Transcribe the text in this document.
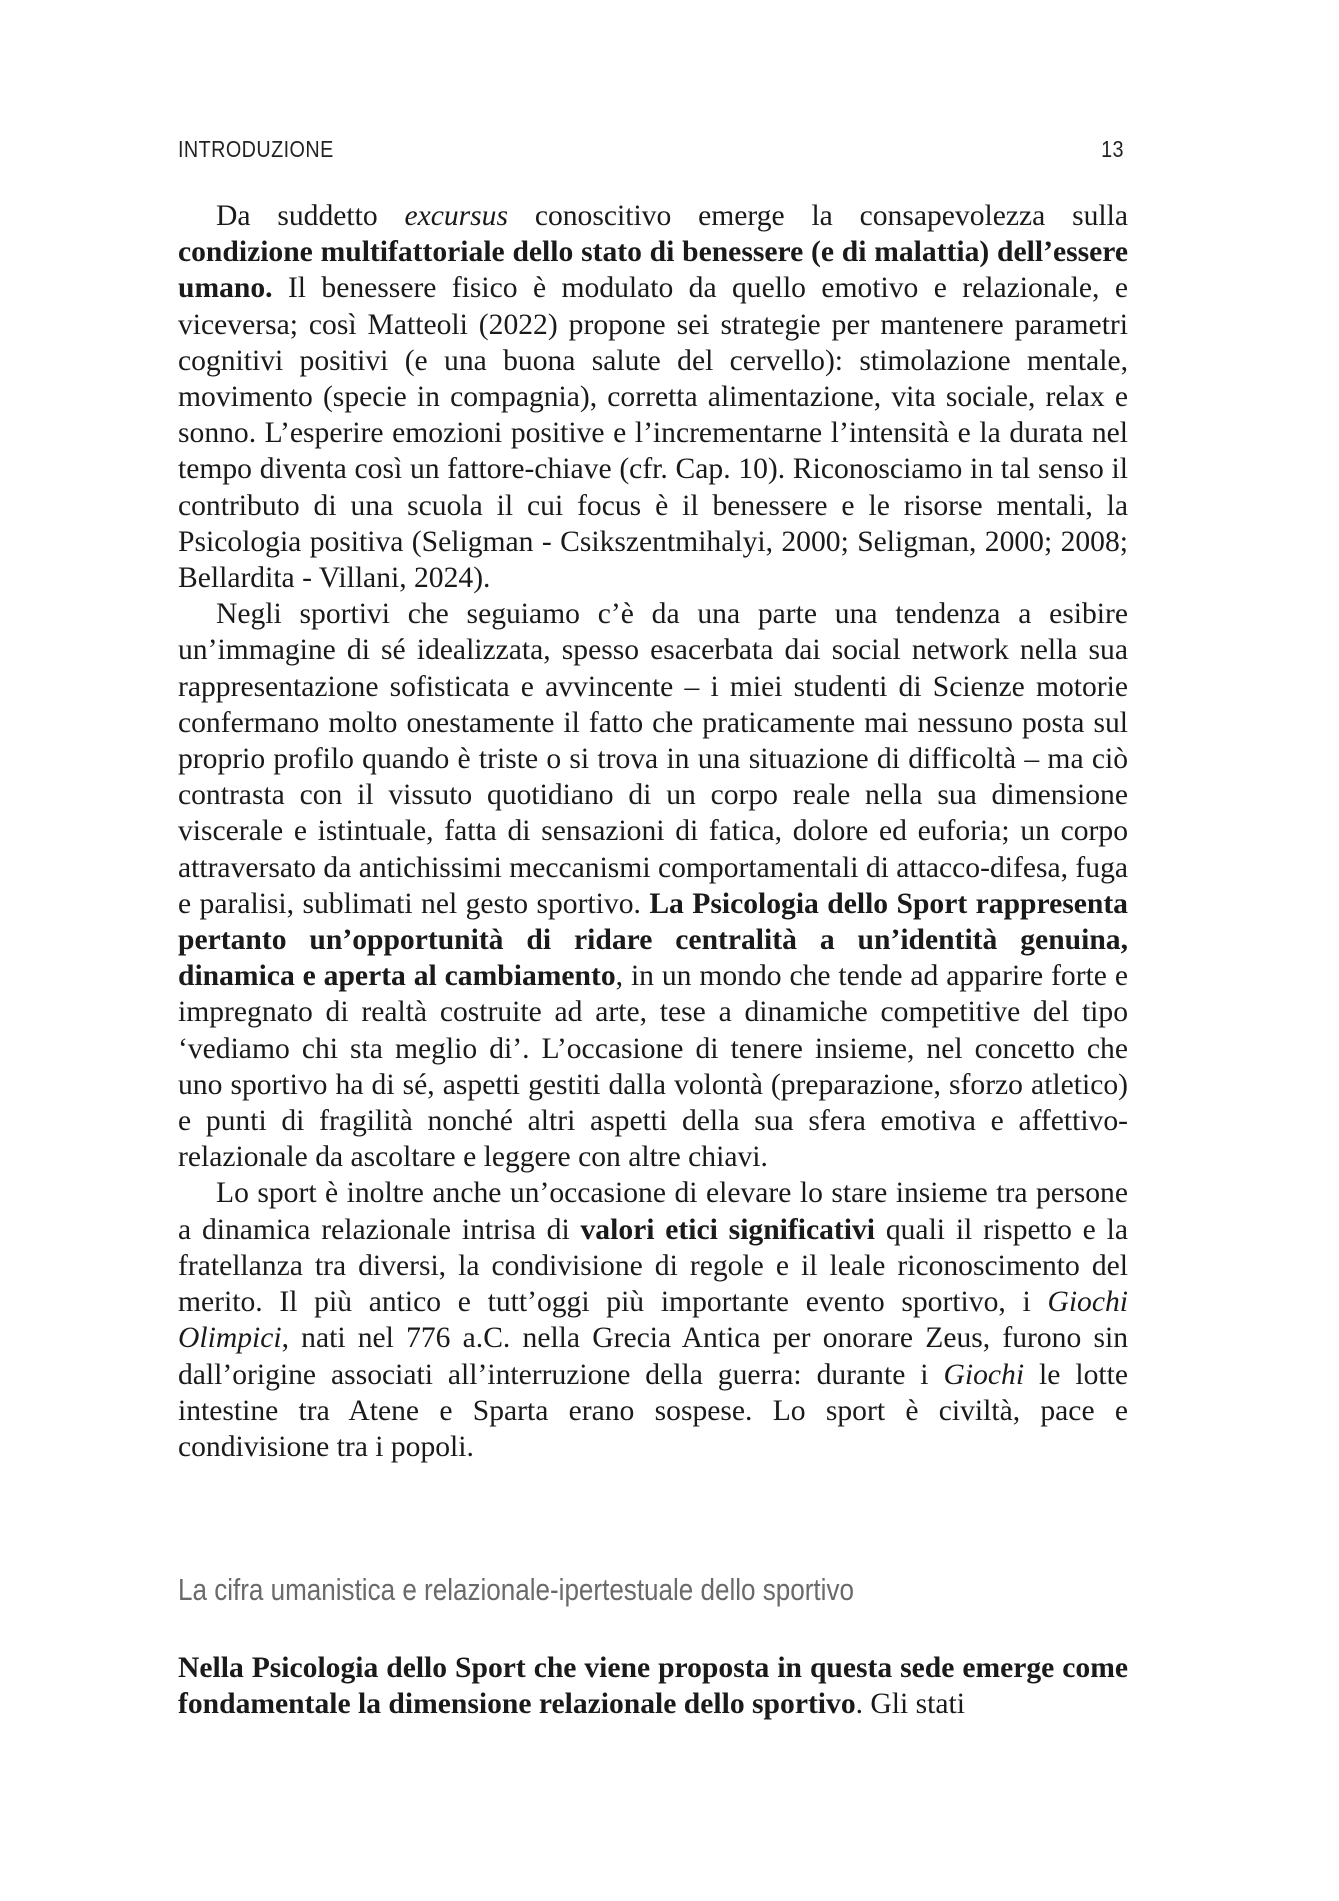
INTRODUZIONE	13

Da suddetto excursus conoscitivo emerge la consapevolezza sulla condizione multifattoriale dello stato di benessere (e di malattia) dell’essere umano. Il benessere fisico è modulato da quello emotivo e relazionale, e viceversa; così Matteoli (2022) propone sei strategie per mantenere parametri cognitivi positivi (e una buona salute del cervello): stimolazione mentale, movimento (specie in compagnia), corretta alimentazione, vita sociale, relax e sonno. L’esperire emozioni positive e l’incrementarne l’intensità e la durata nel tempo diventa così un fattore-chiave (cfr. Cap. 10). Riconosciamo in tal senso il contributo di una scuola il cui focus è il benessere e le risorse mentali, la Psicologia positiva (Seligman - Csikszentmihalyi, 2000; Seligman, 2000; 2008; Bellardita - Villani, 2024).

Negli sportivi che seguiamo c’è da una parte una tendenza a esibire un’immagine di sé idealizzata, spesso esacerbata dai social network nella sua rappresentazione sofisticata e avvincente – i miei studenti di Scienze motorie confermano molto onestamente il fatto che praticamente mai nessuno posta sul proprio profilo quando è triste o si trova in una situazione di difficoltà – ma ciò contrasta con il vissuto quotidiano di un corpo reale nella sua dimensione viscerale e istintuale, fatta di sensazioni di fatica, dolore ed euforia; un corpo attraversato da antichissimi meccanismi comportamentali di attacco-difesa, fuga e paralisi, sublimati nel gesto sportivo. La Psicologia dello Sport rappresenta pertanto un’opportunità di ridare centralità a un’identità genuina, dinamica e aperta al cambiamento, in un mondo che tende ad apparire forte e impregnato di realtà costruite ad arte, tese a dinamiche competitive del tipo ‘vediamo chi sta meglio di’. L’occasione di tenere insieme, nel concetto che uno sportivo ha di sé, aspetti gestiti dalla volontà (preparazione, sforzo atletico) e punti di fragilità nonché altri aspetti della sua sfera emotiva e affettivo-relazionale da ascoltare e leggere con altre chiavi.

Lo sport è inoltre anche un’occasione di elevare lo stare insieme tra persone a dinamica relazionale intrisa di valori etici significativi quali il rispetto e la fratellanza tra diversi, la condivisione di regole e il leale riconoscimento del merito. Il più antico e tutt’oggi più importante evento sportivo, i Giochi Olimpici, nati nel 776 a.C. nella Grecia Antica per onorare Zeus, furono sin dall’origine associati all’interruzione della guerra: durante i Giochi le lotte intestine tra Atene e Sparta erano sospese. Lo sport è civiltà, pace e condivisione tra i popoli.

La cifra umanistica e relazionale-ipertestuale dello sportivo

Nella Psicologia dello Sport che viene proposta in questa sede emerge come fondamentale la dimensione relazionale dello sportivo. Gli stati
